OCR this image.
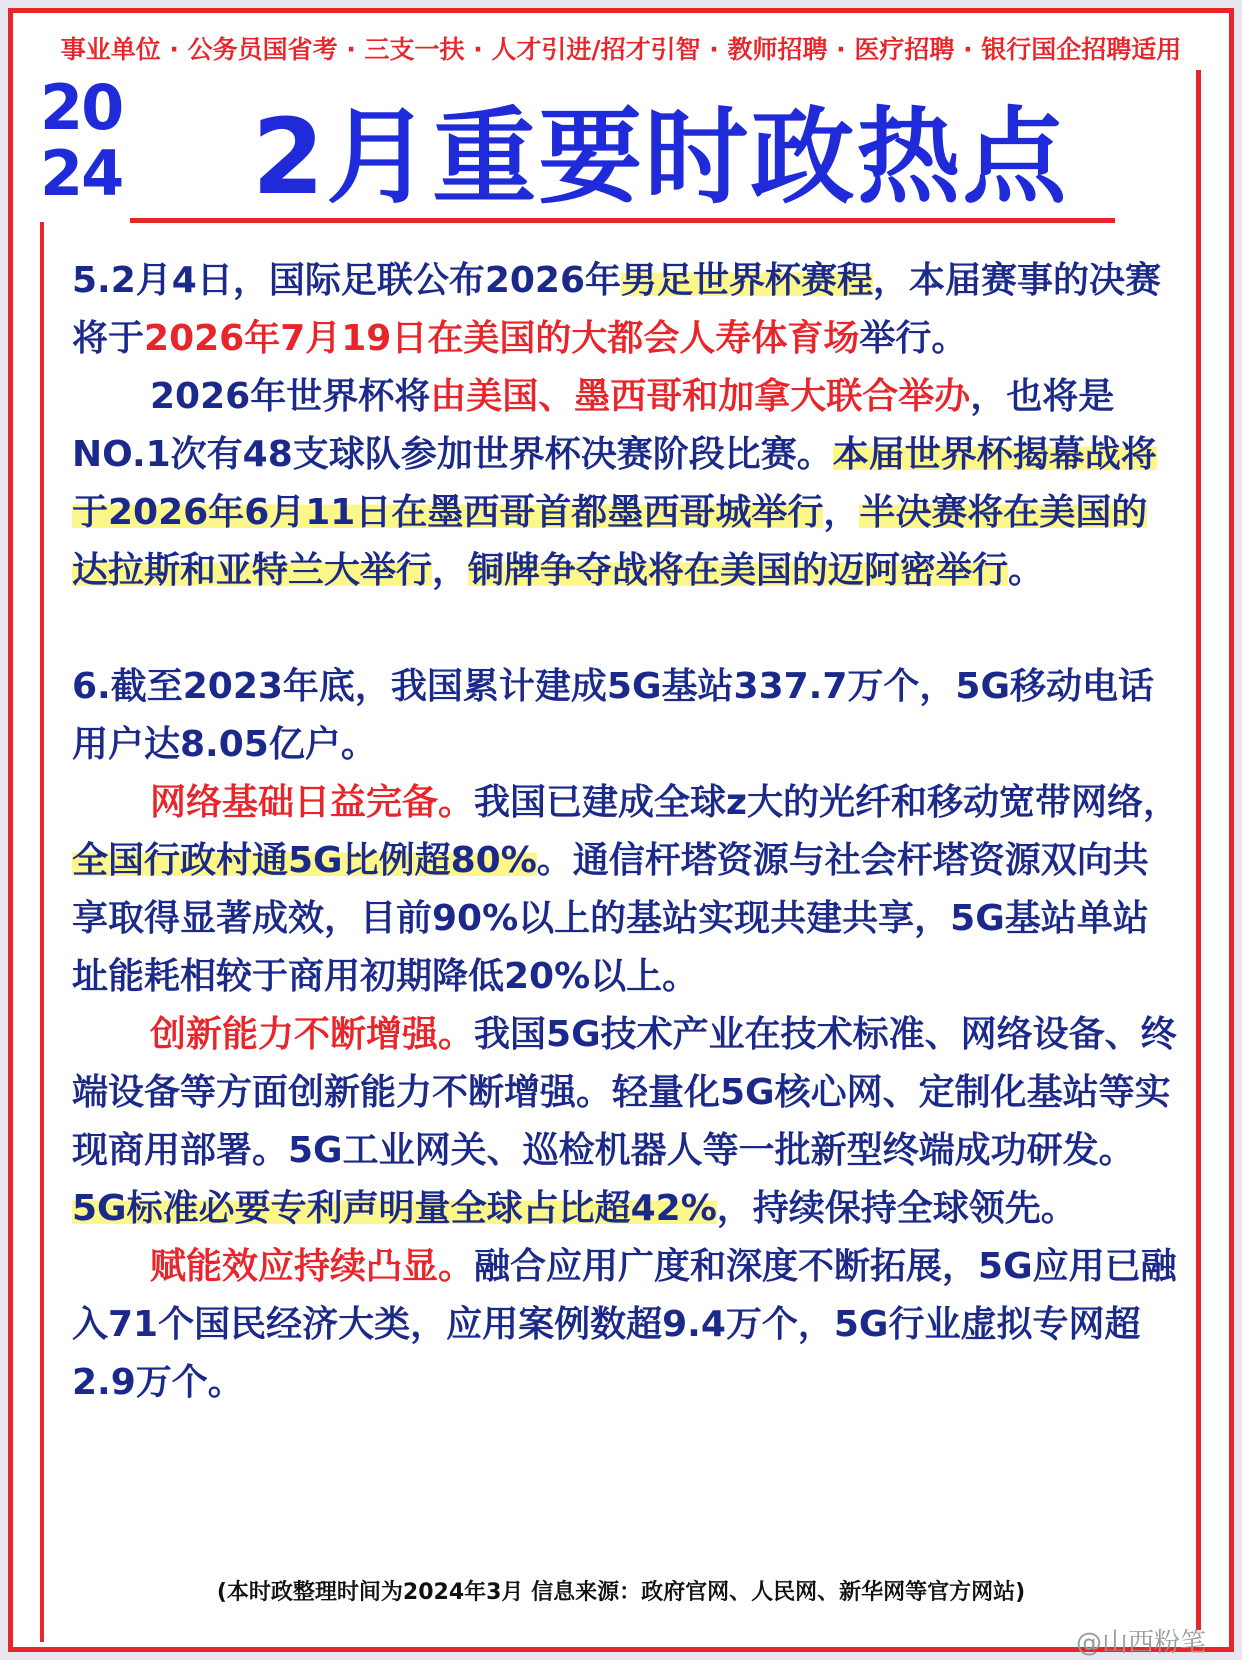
事业单位 · 公务员国省考 · 三支一扶 · 人才引进/招才引智 · 教师招聘 · 医疗招聘 · 银行国企招聘适用
20
24	2月重要时政热点

5.2月4日，国际足联公布2026年男足世界杯赛程，本届赛事的决赛将于2026年7月19日在美国的大都会人寿体育场举行。

2026年世界杯将由美国、墨西哥和加拿大联合举办，也将是NO.1次有48支球队参加世界杯决赛阶段比赛。本届世界杯揭幕战将于2026年6月11日在墨西哥首都墨西哥城举行，半决赛将在美国的达拉斯和亚特兰大举行，铜牌争夺战将在美国的迈阿密举行。

6.截至2023年底，我国累计建成5G基站337.7万个，5G移动电话用户达8.05亿户。

网络基础日益完备。我国已建成全球z大的光纤和移动宽带网络，全国行政村通5G比例超80%。通信杆塔资源与社会杆塔资源双向共享取得显著成效，目前90%以上的基站实现共建共享，5G基站单站址能耗相较于商用初期降低20%以上。

创新能力不断增强。我国5G技术产业在技术标准、网络设备、终端设备等方面创新能力不断增强。轻量化5G核心网、定制化基站等实现商用部署。5G工业网关、巡检机器人等一批新型终端成功研发。5G标准必要专利声明量全球占比超42%，持续保持全球领先。

赋能效应持续凸显。融合应用广度和深度不断拓展，5G应用已融入71个国民经济大类，应用案例数超9.4万个，5G行业虚拟专网超2.9万个。

(本时政整理时间为2024年3月 信息来源：政府官网、人民网、新华网等官方网站)
@山西粉笔
